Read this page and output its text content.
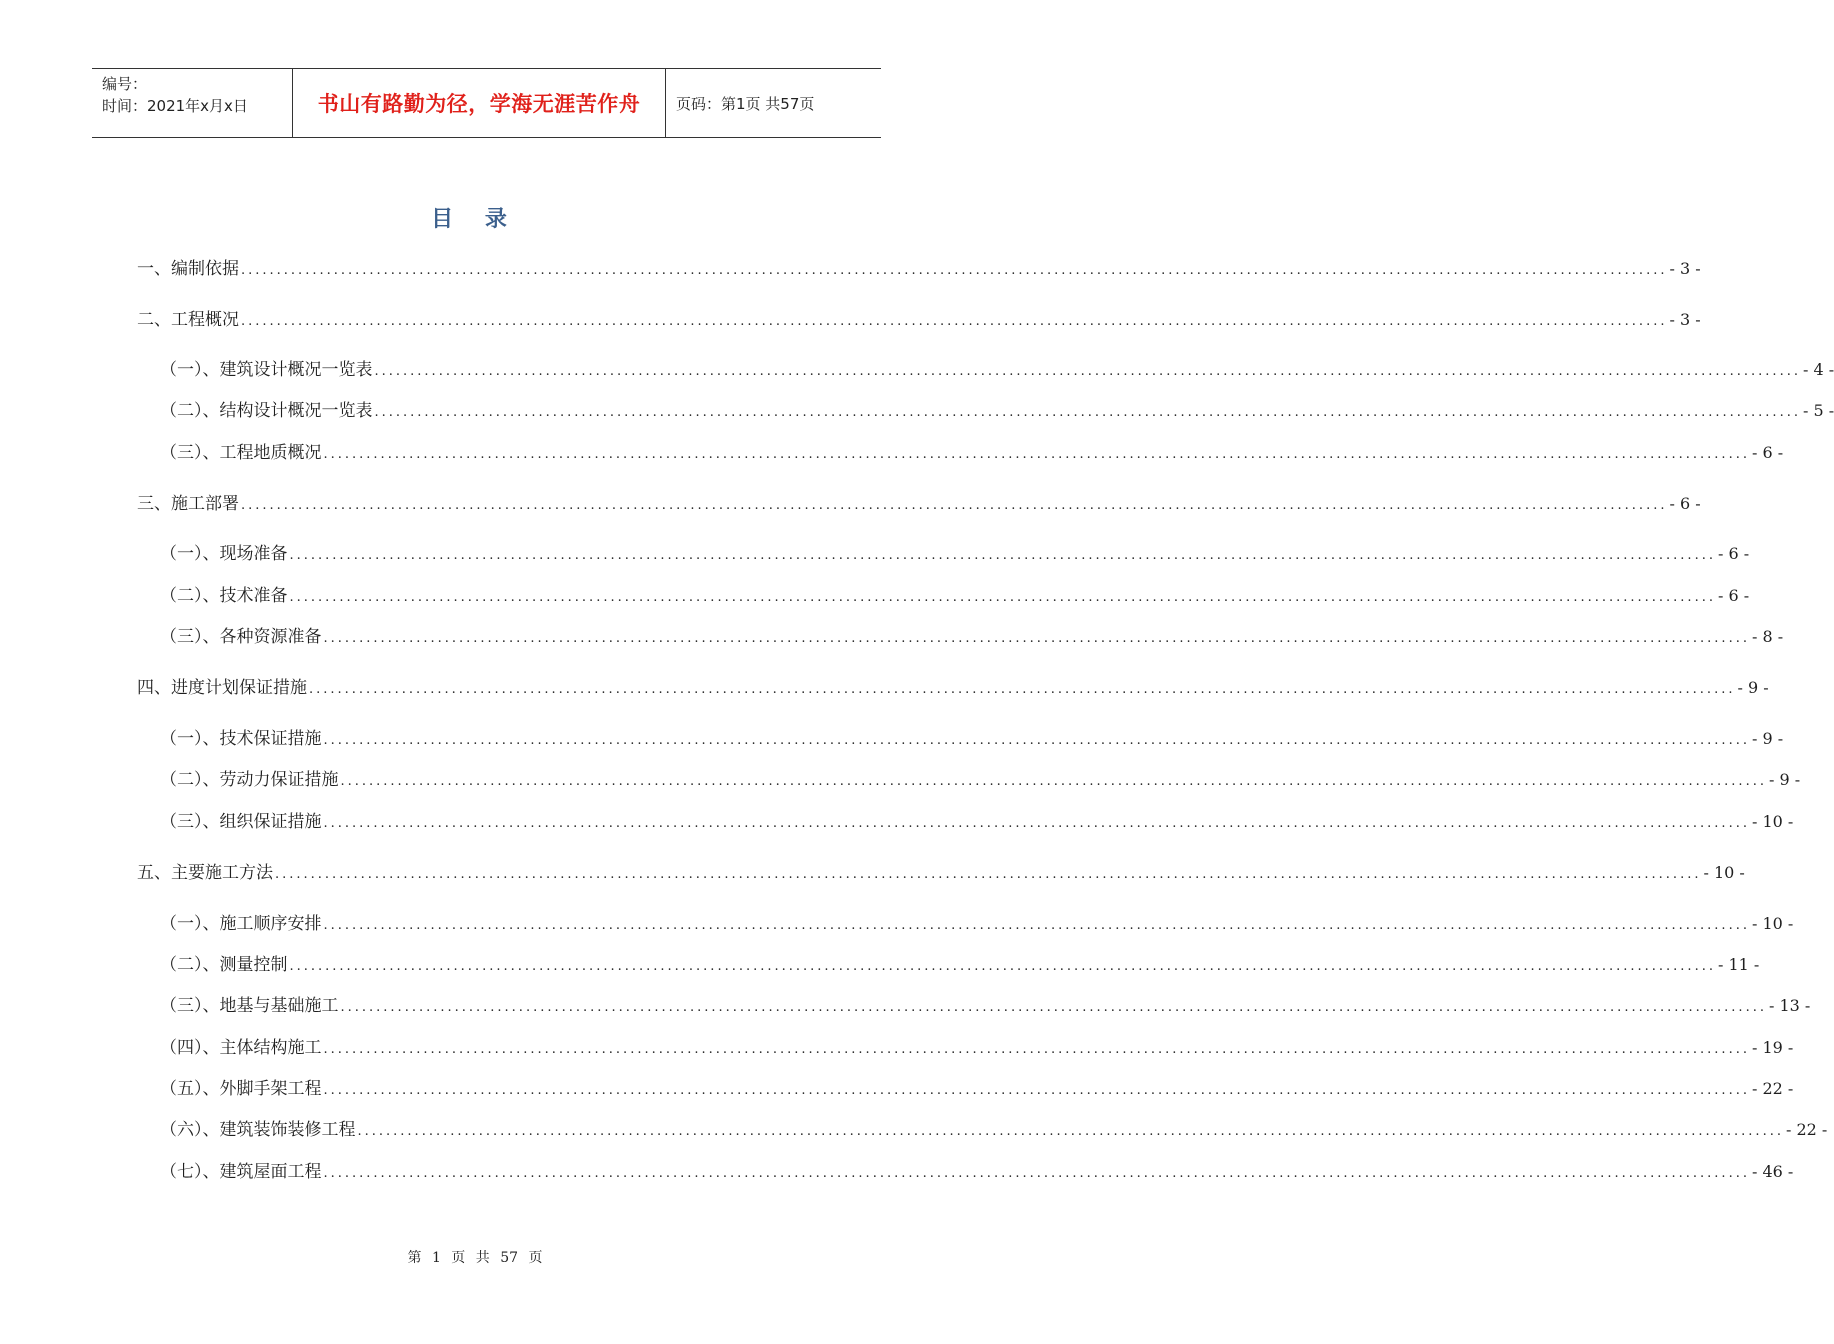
编号：
时间：2021年x月x日	书山有路勤为径，学海无涯苦作舟	页码：第1页 共57页
目 录
一、编制依据 ........................................................................................................................................................................................................ - 3 -
二、工程概况 ........................................................................................................................................................................................................ - 3 -
（一）、建筑设计概况一览表 ........................................................................................................................................................................................................ - 4 -
（二）、结构设计概况一览表 ........................................................................................................................................................................................................ - 5 -
（三）、工程地质概况 ........................................................................................................................................................................................................ - 6 -
三、施工部署 ........................................................................................................................................................................................................ - 6 -
（一）、现场准备 ........................................................................................................................................................................................................ - 6 -
（二）、技术准备 ........................................................................................................................................................................................................ - 6 -
（三）、各种资源准备 ........................................................................................................................................................................................................ - 8 -
四、进度计划保证措施 ........................................................................................................................................................................................................ - 9 -
（一）、技术保证措施 ........................................................................................................................................................................................................ - 9 -
（二）、劳动力保证措施 ........................................................................................................................................................................................................ - 9 -
（三）、组织保证措施 ........................................................................................................................................................................................................ - 10 -
五、主要施工方法 ........................................................................................................................................................................................................ - 10 -
（一）、施工顺序安排 ........................................................................................................................................................................................................ - 10 -
（二）、测量控制 ........................................................................................................................................................................................................ - 11 -
（三）、地基与基础施工 ........................................................................................................................................................................................................ - 13 -
（四）、主体结构施工 ........................................................................................................................................................................................................ - 19 -
（五）、外脚手架工程 ........................................................................................................................................................................................................ - 22 -
（六）、建筑装饰装修工程 ........................................................................................................................................................................................................ - 22 -
（七）、建筑屋面工程 ........................................................................................................................................................................................................ - 46 -
第 1 页 共 57 页
